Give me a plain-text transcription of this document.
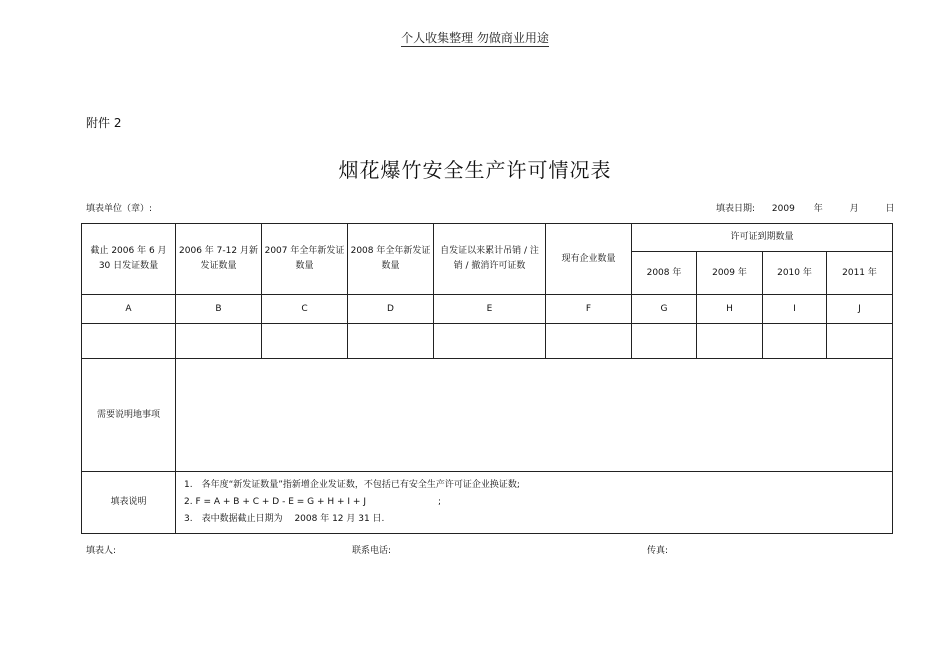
个人收集整理 勿做商业用途
附件 2
烟花爆竹安全生产许可情况表
填表单位（章）:	填表日期: 2009 年	月	日
截止 2006 年 6 月 30 日发证数量	2006 年 7-12 月新发证数量	2007 年全年新发证数量	2008 年全年新发证数量	自发证以来累计吊销 / 注销 / 撤消许可证数	现有企业数量	许可证到期数量			
						2008 年	2009 年	2010 年	2011 年
A	B	C	D	E	F	G	H	I	J

需要说明地事项									
填表说明	1.　各年度“新发证数量”指新增企业发证数，不包括已有安全生产许可证企业换证数;
2. F = A + B + C + D - E = G + H + I + J　　　　　　　　;
3.　表中数据截止日期为　 2008 年 12 月 31 日.								
填表人:	联系电话:	传真:
